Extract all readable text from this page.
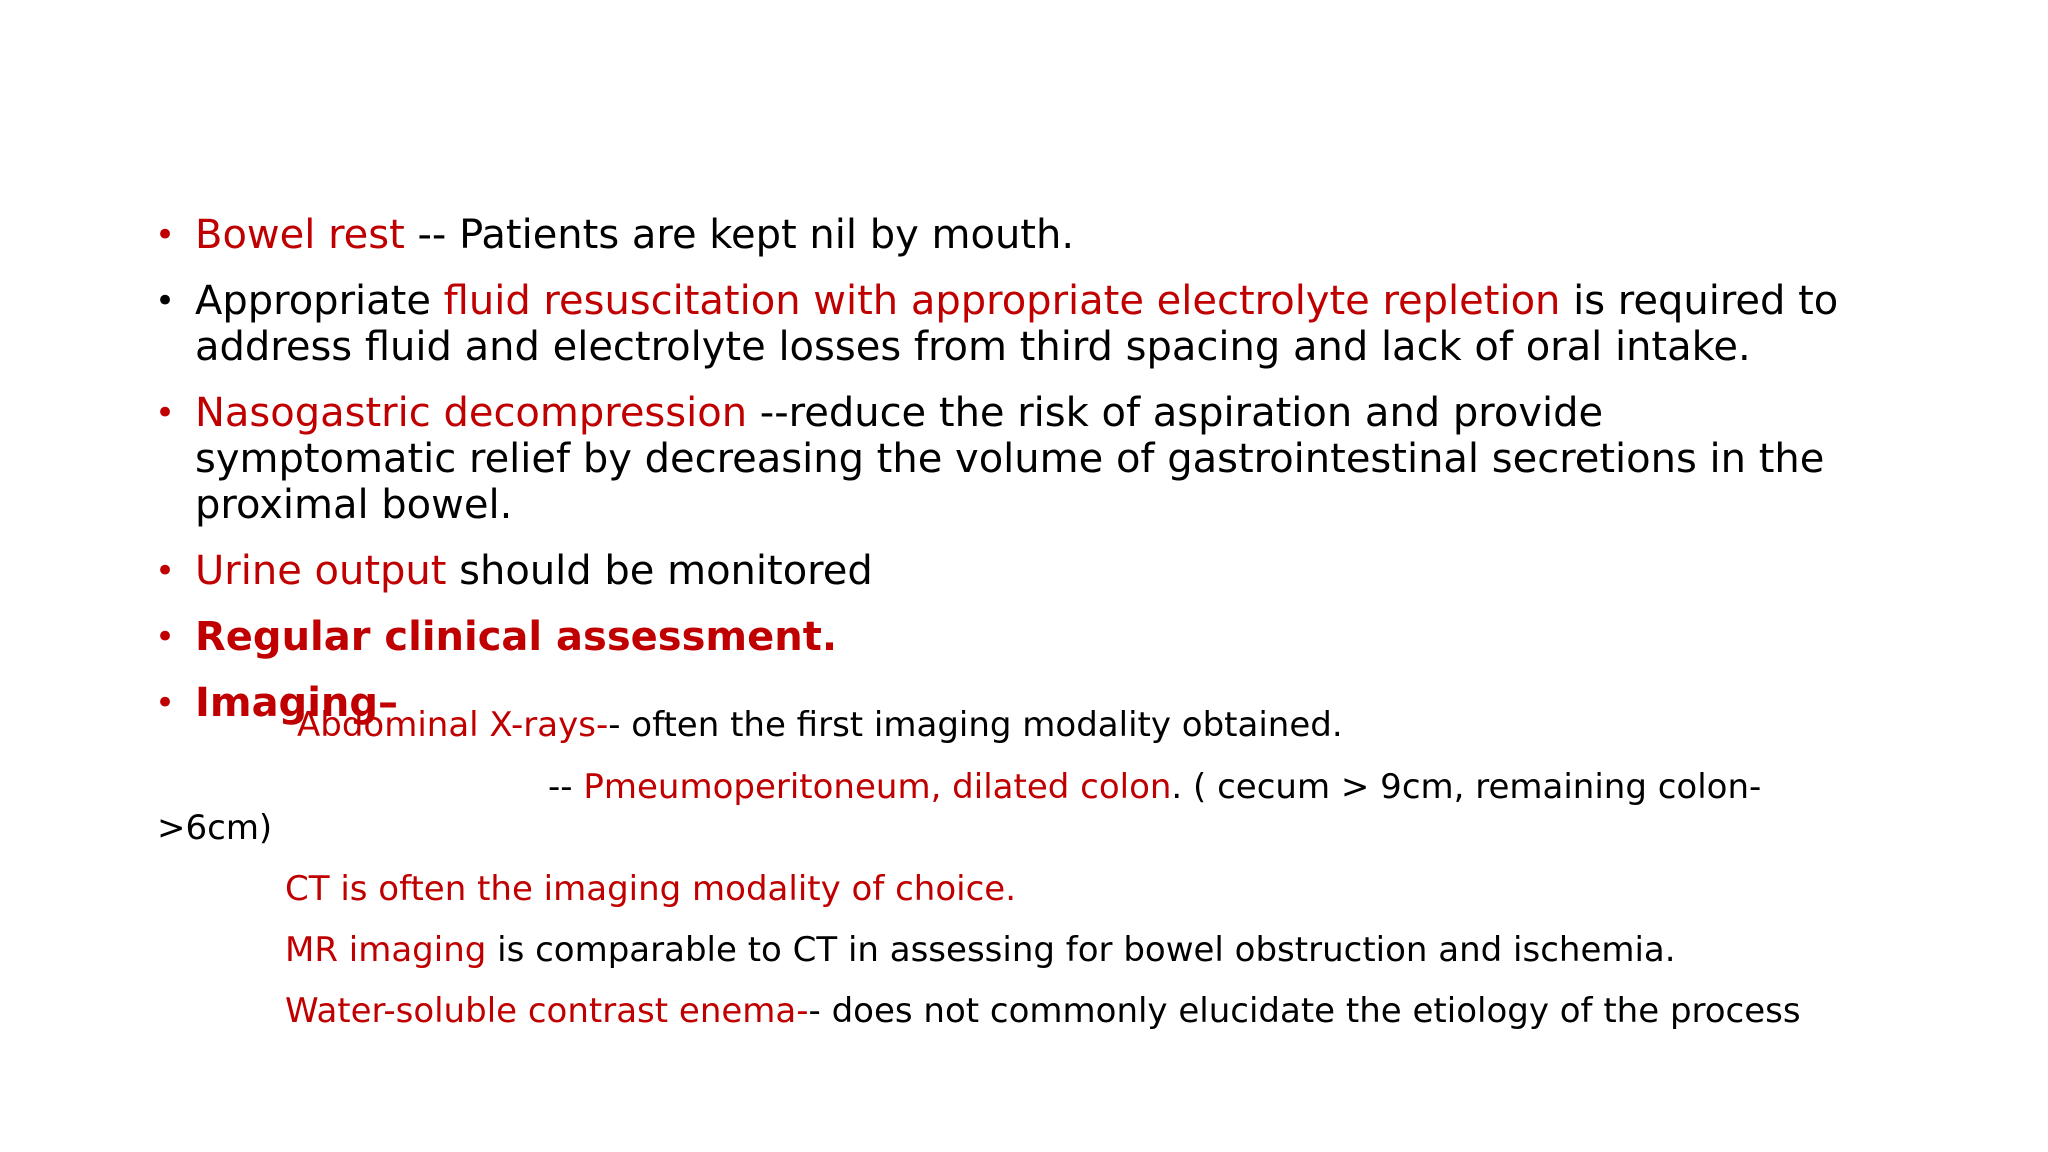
• Bowel rest -- Patients are kept nil by mouth.
• Appropriate fluid resuscitation with appropriate electrolyte repletion is required to address fluid and electrolyte losses from third spacing and lack of oral intake.
• Nasogastric decompression --reduce the risk of aspiration and provide symptomatic relief by decreasing the volume of gastrointestinal secretions in the proximal bowel.
• Urine output should be monitored
• Regular clinical assessment.
• Imaging–
Abdominal X-rays-- often the first imaging modality obtained.
-- Pmeumoperitoneum, dilated colon. ( cecum > 9cm, remaining colon-
>6cm)
CT is often the imaging modality of choice.
MR imaging is comparable to CT in assessing for bowel obstruction and ischemia.
Water-soluble contrast enema-- does not commonly elucidate the etiology of the process
